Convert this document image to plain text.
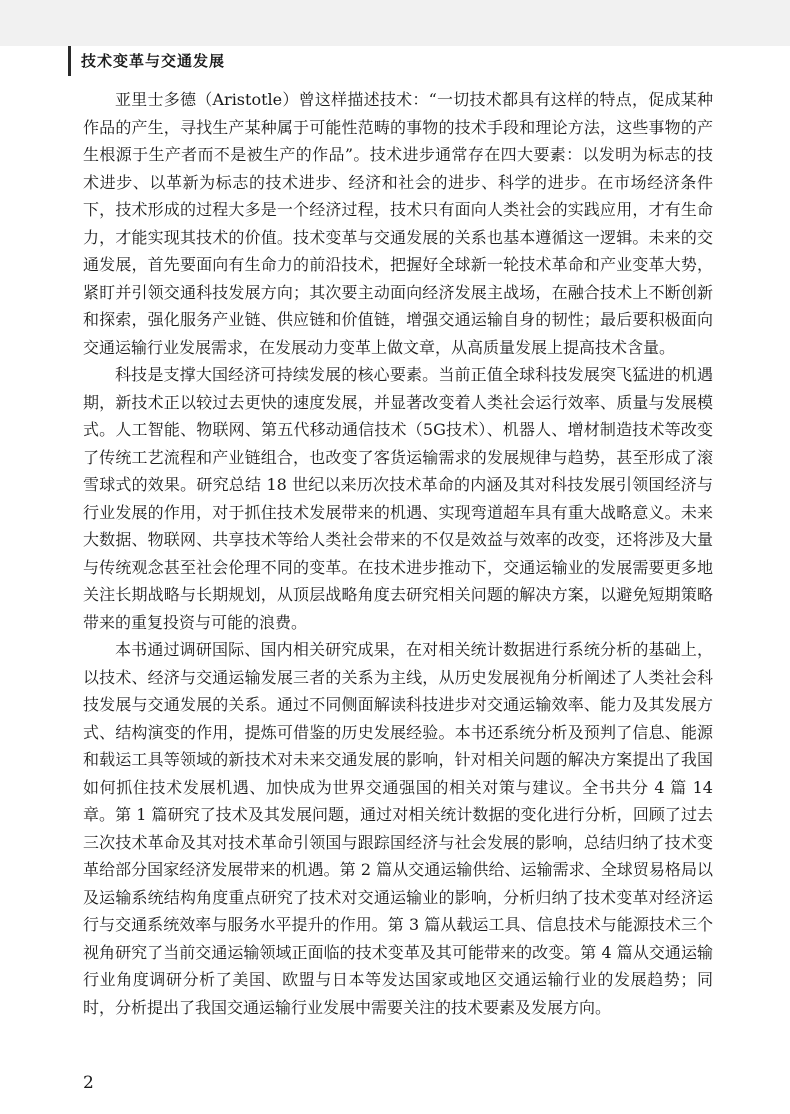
技术变革与交通发展

亚里士多德（Aristotle）曾这样描述技术：“一切技术都具有这样的特点，促成某种作品的产生，寻找生产某种属于可能性范畴的事物的技术手段和理论方法，这些事物的产生根源于生产者而不是被生产的作品”。技术进步通常存在四大要素：以发明为标志的技术进步、以革新为标志的技术进步、经济和社会的进步、科学的进步。在市场经济条件下，技术形成的过程大多是一个经济过程，技术只有面向人类社会的实践应用，才有生命力，才能实现其技术的价值。技术变革与交通发展的关系也基本遵循这一逻辑。未来的交通发展，首先要面向有生命力的前沿技术，把握好全球新一轮技术革命和产业变革大势，紧盯并引领交通科技发展方向；其次要主动面向经济发展主战场，在融合技术上不断创新和探索，强化服务产业链、供应链和价值链，增强交通运输自身的韧性；最后要积极面向交通运输行业发展需求，在发展动力变革上做文章，从高质量发展上提高技术含量。

科技是支撑大国经济可持续发展的核心要素。当前正值全球科技发展突飞猛进的机遇期，新技术正以较过去更快的速度发展，并显著改变着人类社会运行效率、质量与发展模式。人工智能、物联网、第五代移动通信技术（5G技术）、机器人、增材制造技术等改变了传统工艺流程和产业链组合，也改变了客货运输需求的发展规律与趋势，甚至形成了滚雪球式的效果。研究总结 18 世纪以来历次技术革命的内涵及其对科技发展引领国经济与行业发展的作用，对于抓住技术发展带来的机遇、实现弯道超车具有重大战略意义。未来大数据、物联网、共享技术等给人类社会带来的不仅是效益与效率的改变，还将涉及大量与传统观念甚至社会伦理不同的变革。在技术进步推动下，交通运输业的发展需要更多地关注长期战略与长期规划，从顶层战略角度去研究相关问题的解决方案，以避免短期策略带来的重复投资与可能的浪费。

本书通过调研国际、国内相关研究成果，在对相关统计数据进行系统分析的基础上，以技术、经济与交通运输发展三者的关系为主线，从历史发展视角分析阐述了人类社会科技发展与交通发展的关系。通过不同侧面解读科技进步对交通运输效率、能力及其发展方式、结构演变的作用，提炼可借鉴的历史发展经验。本书还系统分析及预判了信息、能源和载运工具等领域的新技术对未来交通发展的影响，针对相关问题的解决方案提出了我国如何抓住技术发展机遇、加快成为世界交通强国的相关对策与建议。全书共分 4 篇 14 章。第 1 篇研究了技术及其发展问题，通过对相关统计数据的变化进行分析，回顾了过去三次技术革命及其对技术革命引领国与跟踪国经济与社会发展的影响，总结归纳了技术变革给部分国家经济发展带来的机遇。第 2 篇从交通运输供给、运输需求、全球贸易格局以及运输系统结构角度重点研究了技术对交通运输业的影响，分析归纳了技术变革对经济运行与交通系统效率与服务水平提升的作用。第 3 篇从载运工具、信息技术与能源技术三个视角研究了当前交通运输领域正面临的技术变革及其可能带来的改变。第 4 篇从交通运输行业角度调研分析了美国、欧盟与日本等发达国家或地区交通运输行业的发展趋势；同时，分析提出了我国交通运输行业发展中需要关注的技术要素及发展方向。

2
